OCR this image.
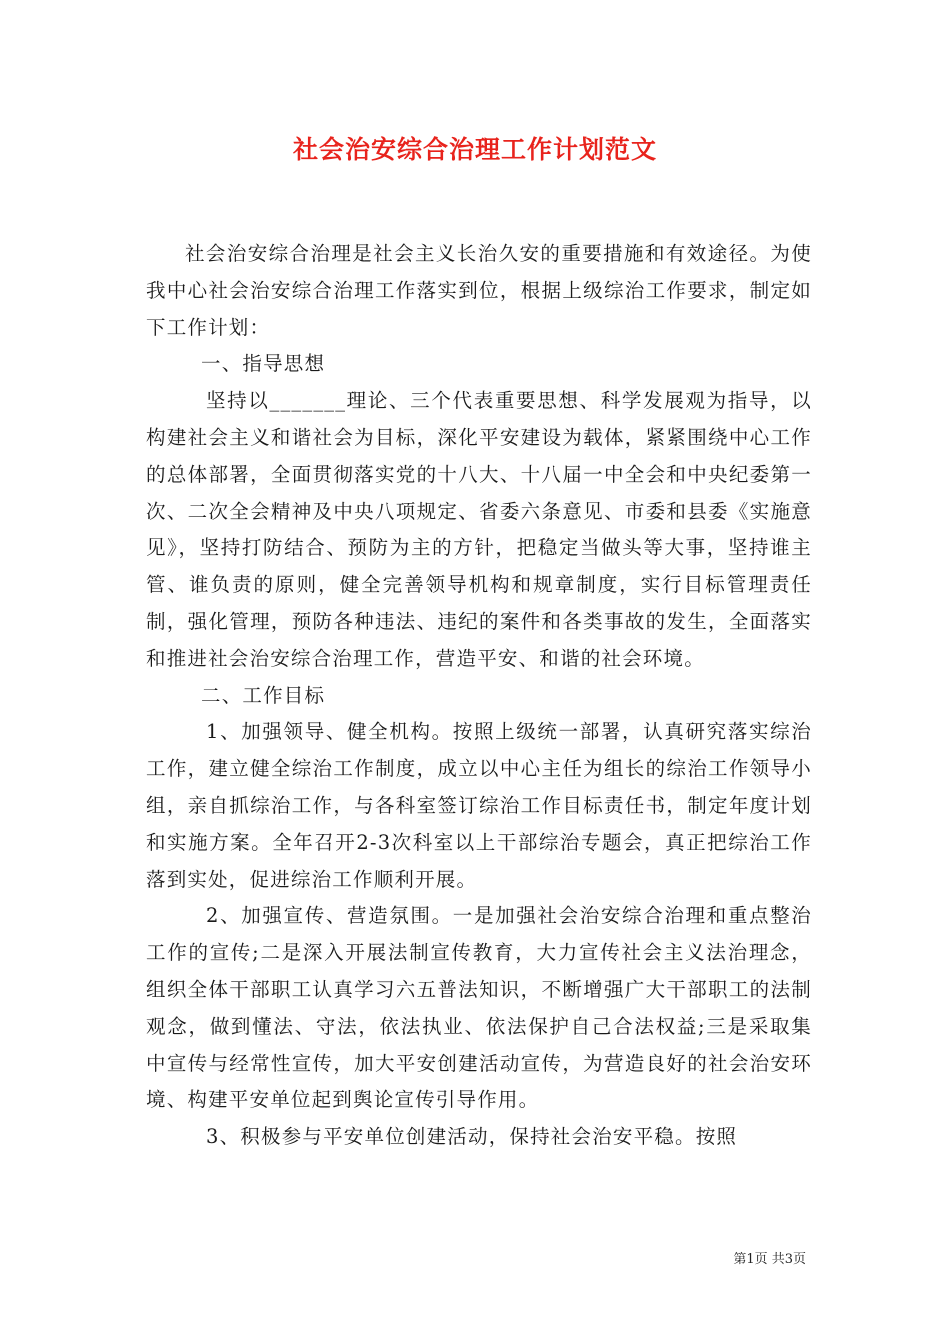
社会治安综合治理工作计划范文

社会治安综合治理是社会主义长治久安的重要措施和有效途径。为使我中心社会治安综合治理工作落实到位，根据上级综治工作要求，制定如下工作计划：

一、指导思想

坚持以_______理论、三个代表重要思想、科学发展观为指导，以构建社会主义和谐社会为目标，深化平安建设为载体，紧紧围绕中心工作的总体部署，全面贯彻落实党的十八大、十八届一中全会和中央纪委第一次、二次全会精神及中央八项规定、省委六条意见、市委和县委《实施意见》，坚持打防结合、预防为主的方针，把稳定当做头等大事，坚持谁主管、谁负责的原则，健全完善领导机构和规章制度，实行目标管理责任制，强化管理，预防各种违法、违纪的案件和各类事故的发生，全面落实和推进社会治安综合治理工作，营造平安、和谐的社会环境。

二、工作目标

1、加强领导、健全机构。按照上级统一部署，认真研究落实综治工作，建立健全综治工作制度，成立以中心主任为组长的综治工作领导小组，亲自抓综治工作，与各科室签订综治工作目标责任书，制定年度计划和实施方案。全年召开2-3次科室以上干部综治专题会，真正把综治工作落到实处，促进综治工作顺利开展。

2、加强宣传、营造氛围。一是加强社会治安综合治理和重点整治工作的宣传;二是深入开展法制宣传教育，大力宣传社会主义法治理念，组织全体干部职工认真学习六五普法知识，不断增强广大干部职工的法制观念，做到懂法、守法，依法执业、依法保护自己合法权益;三是采取集中宣传与经常性宣传，加大平安创建活动宣传，为营造良好的社会治安环境、构建平安单位起到舆论宣传引导作用。

3、积极参与平安单位创建活动，保持社会治安平稳。按照

第1页 共3页
